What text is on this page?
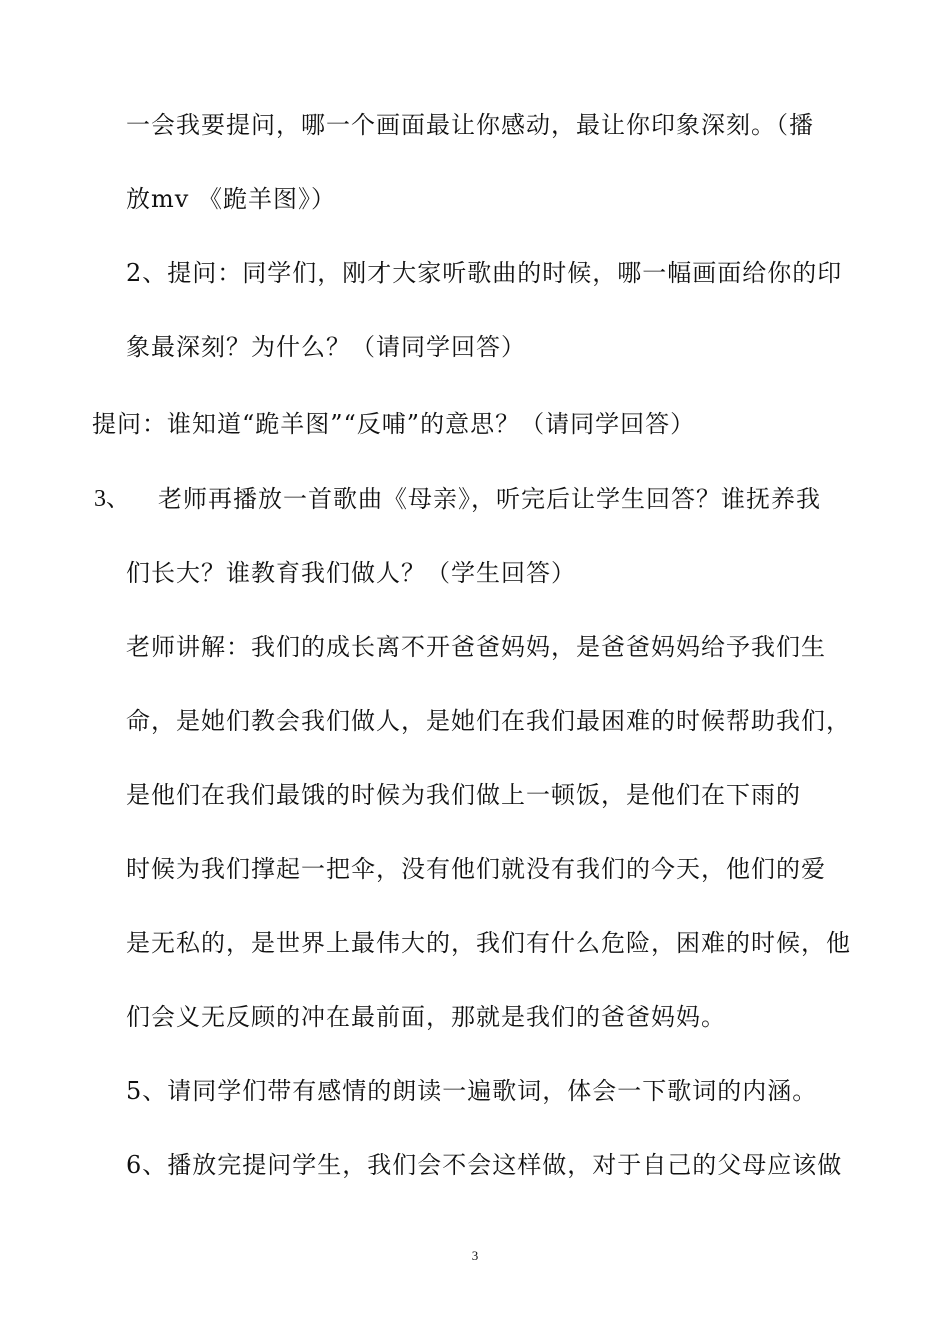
一会我要提问，哪一个画面最让你感动，最让你印象深刻。（播
放mv 《跪羊图》）
2、提问：同学们，刚才大家听歌曲的时候，哪一幅画面给你的印
象最深刻？为什么？（请同学回答）
提问：谁知道“跪羊图”“反哺”的意思？（请同学回答）
3、 老师再播放一首歌曲《母亲》，听完后让学生回答？谁抚养我
们长大？谁教育我们做人？（学生回答）
老师讲解：我们的成长离不开爸爸妈妈，是爸爸妈妈给予我们生
命，是她们教会我们做人，是她们在我们最困难的时候帮助我们，
是他们在我们最饿的时候为我们做上一顿饭，是他们在下雨的
时候为我们撑起一把伞，没有他们就没有我们的今天，他们的爱
是无私的，是世界上最伟大的，我们有什么危险，困难的时候，他
们会义无反顾的冲在最前面，那就是我们的爸爸妈妈。
5、请同学们带有感情的朗读一遍歌词，体会一下歌词的内涵。
6、播放完提问学生，我们会不会这样做，对于自己的父母应该做
3
